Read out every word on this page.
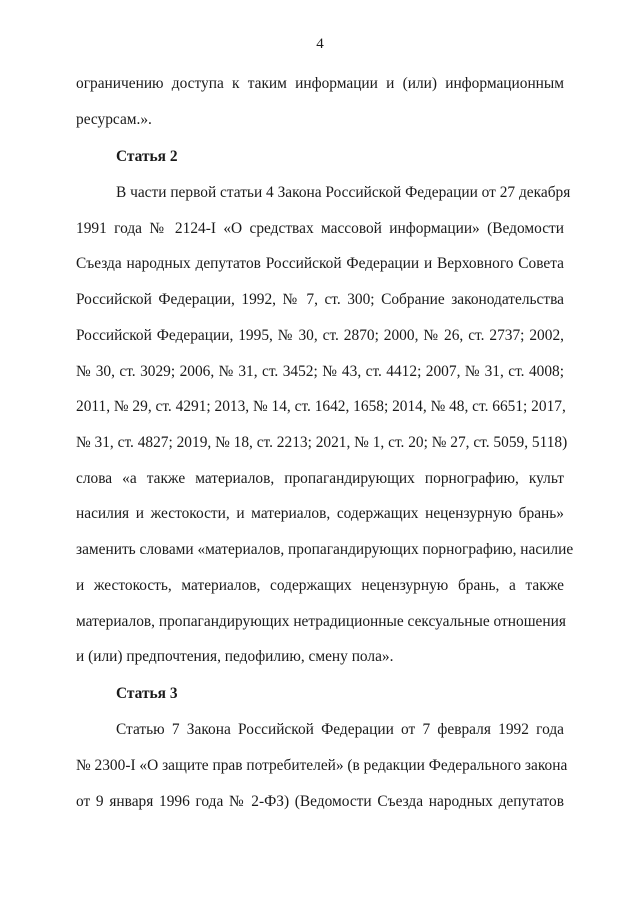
4
ограничению доступа к таким информации и (или) информационным
ресурсам.».
Статья 2
В части первой статьи 4 Закона Российской Федерации от 27 декабря
1991 года № 2124-I «О средствах массовой информации» (Ведомости
Съезда народных депутатов Российской Федерации и Верховного Совета
Российской Федерации, 1992, № 7, ст. 300; Собрание законодательства
Российской Федерации, 1995, № 30, ст. 2870; 2000, № 26, ст. 2737; 2002,
№ 30, ст. 3029; 2006, № 31, ст. 3452; № 43, ст. 4412; 2007, № 31, ст. 4008;
2011, № 29, ст. 4291; 2013, № 14, ст. 1642, 1658; 2014, № 48, ст. 6651; 2017,
№ 31, ст. 4827; 2019, № 18, ст. 2213; 2021, № 1, ст. 20; № 27, ст. 5059, 5118)
слова «а также материалов, пропагандирующих порнографию, культ
насилия и жестокости, и материалов, содержащих нецензурную брань»
заменить словами «материалов, пропагандирующих порнографию, насилие
и жестокость, материалов, содержащих нецензурную брань, а также
материалов, пропагандирующих нетрадиционные сексуальные отношения
и (или) предпочтения, педофилию, смену пола».
Статья 3
Статью 7 Закона Российской Федерации от 7 февраля 1992 года
№ 2300-I «О защите прав потребителей» (в редакции Федерального закона
от 9 января 1996 года № 2-ФЗ) (Ведомости Съезда народных депутатов
